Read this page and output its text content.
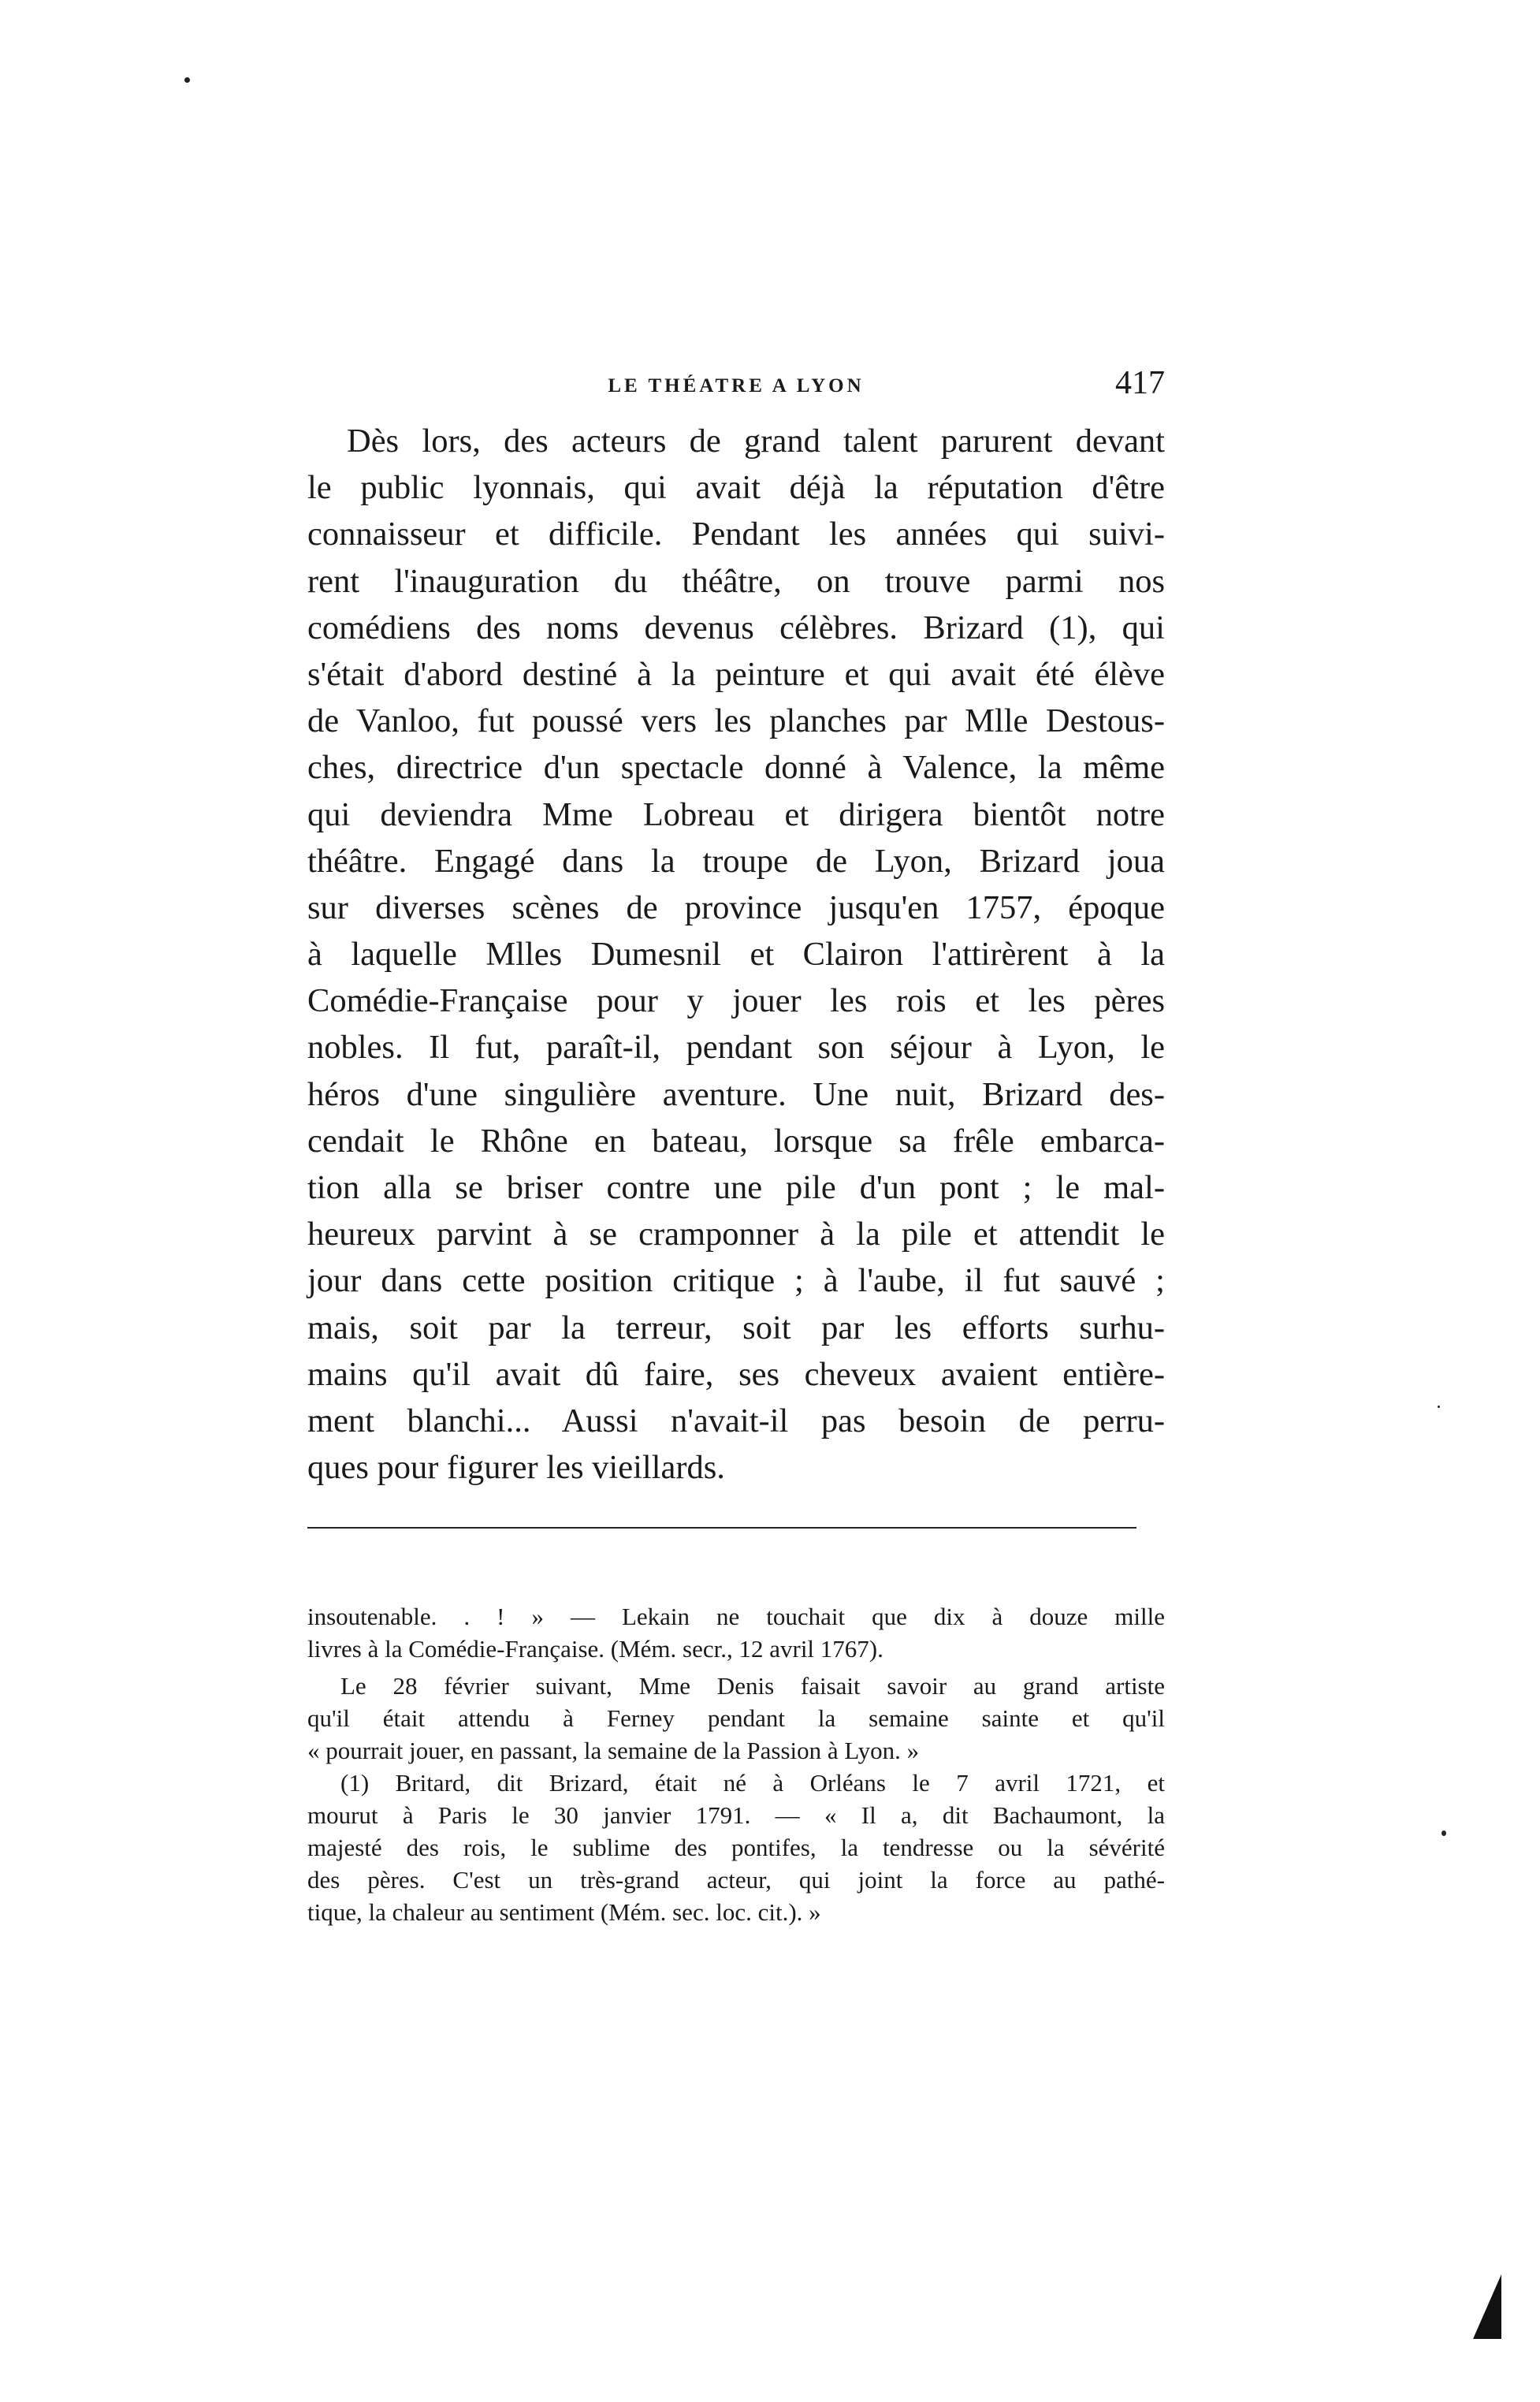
LE THÉATRE A LYON	417
Dès lors, des acteurs de grand talent parurent devant
le public lyonnais, qui avait déjà la réputation d'être
connaisseur et difficile. Pendant les années qui suivi-
rent l'inauguration du théâtre, on trouve parmi nos
comédiens des noms devenus célèbres. Brizard (1), qui
s'était d'abord destiné à la peinture et qui avait été élève
de Vanloo, fut poussé vers les planches par Mlle Destous-
ches, directrice d'un spectacle donné à Valence, la même
qui deviendra Mme Lobreau et dirigera bientôt notre
théâtre. Engagé dans la troupe de Lyon, Brizard joua
sur diverses scènes de province jusqu'en 1757, époque
à laquelle Mlles Dumesnil et Clairon l'attirèrent à la
Comédie-Française pour y jouer les rois et les pères
nobles. Il fut, paraît-il, pendant son séjour à Lyon, le
héros d'une singulière aventure. Une nuit, Brizard des-
cendait le Rhône en bateau, lorsque sa frêle embarca-
tion alla se briser contre une pile d'un pont ; le mal-
heureux parvint à se cramponner à la pile et attendit le
jour dans cette position critique ; à l'aube, il fut sauvé ;
mais, soit par la terreur, soit par les efforts surhu-
mains qu'il avait dû faire, ses cheveux avaient entière-
ment blanchi... Aussi n'avait-il pas besoin de perru-
ques pour figurer les vieillards.
insoutenable. . ! » — Lekain ne touchait que dix à douze mille
livres à la Comédie-Française. (Mém. secr., 12 avril 1767).
Le 28 février suivant, Mme Denis faisait savoir au grand artiste
qu'il était attendu à Ferney pendant la semaine sainte et qu'il
« pourrait jouer, en passant, la semaine de la Passion à Lyon. »
(1) Britard, dit Brizard, était né à Orléans le 7 avril 1721, et
mourut à Paris le 30 janvier 1791. — « Il a, dit Bachaumont, la
majesté des rois, le sublime des pontifes, la tendresse ou la sévérité
des pères. C'est un très-grand acteur, qui joint la force au pathé-
tique, la chaleur au sentiment (Mém. sec. loc. cit.). »
